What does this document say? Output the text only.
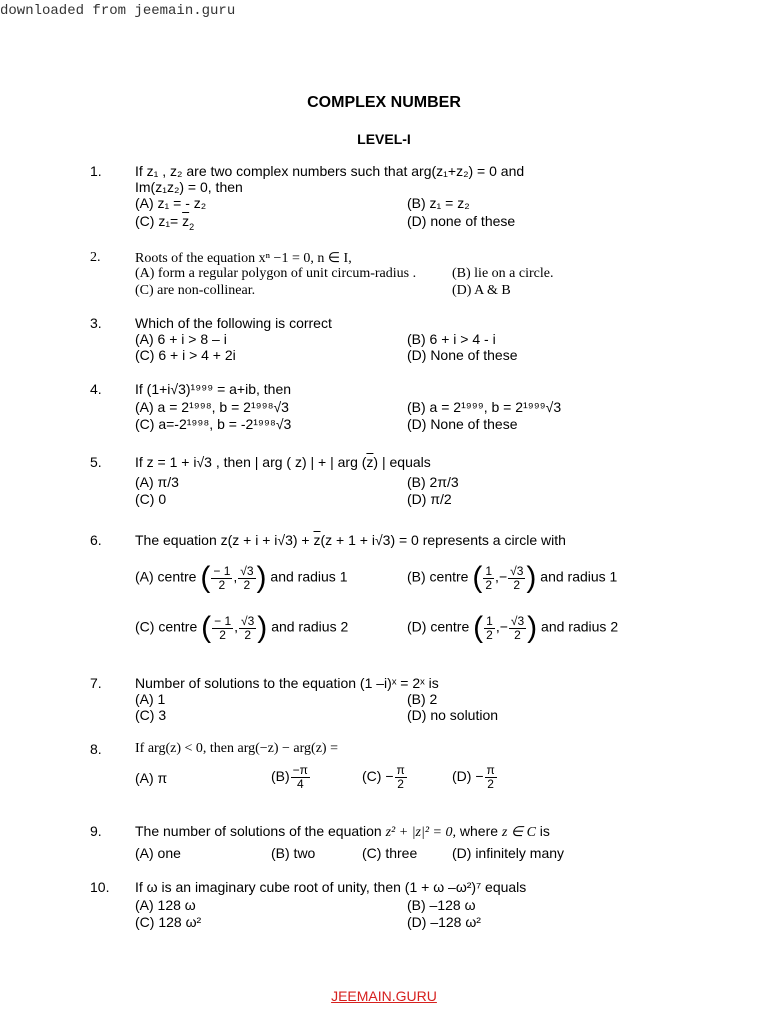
downloaded from jeemain.guru
COMPLEX NUMBER
LEVEL-I
1. If z₁ , z₂ are two complex numbers such that arg(z₁+z₂) = 0 and
Im(z₁z₂) = 0, then
(A) z₁ = - z₂	(B) z₁ = z₂
(C) $z_1= \overline{z}_2$	(D) none of these
2. Roots of the equation xⁿ −1 = 0, n ∈ I,
(A) form a regular polygon of unit circum-radius .	(B) lie on a circle.
(C) are non-collinear.	(D) A & B
3. Which of the following is correct
(A) 6 + i > 8 – i	(B) 6 + i > 4 - i
(C) 6 + i > 4 + 2i	(D) None of these
4. If (1+i√3)¹⁹⁹⁹ = a+ib, then
(A) a = 2¹⁹⁹⁸, b = 2¹⁹⁹⁸√3	(B) a = 2¹⁹⁹⁹, b = 2¹⁹⁹⁹√3
(C) a=-2¹⁹⁹⁸, b = -2¹⁹⁹⁸√3	(D) None of these
5. If z = 1 + i√3 , then | arg ( z) | + | arg $(\overline{z})$ | equals
(A) π/3	(B) 2π/3
(C) 0	(D) π/2
6. The equation $z(z + i + i√3) + \overline{z}(z + 1 + i√3) = 0$ represents a circle with
(A) centre ( $\frac{- 1}{2}$ , $\frac{√3}{2}$ ) and radius 1	(B) centre ( $\frac{1}{2}$ ,− $\frac{√3}{2}$ ) and radius 1
(C) centre ( $\frac{- 1}{2}$ , $\frac{√3}{2}$ ) and radius 2	(D) centre ( $\frac{1}{2}$ ,− $\frac{√3}{2}$ ) and radius 2
7. Number of solutions to the equation (1 –i)ˣ = 2ˣ is
(A) 1	(B) 2
(C) 3	(D) no solution
8. If arg(z) < 0, then arg(−z) − arg(z) =
(A) π	$(B) \frac{-\pi}{4}$	$(C) - \frac{\pi}{2}$	$(D) - \frac{\pi}{2}$
9. The number of solutions of the equation z² + |z|² = 0, where z ∈ C is
(A) one	(B) two	(C) three (D) infinitely many
10. If ω is an imaginary cube root of unity, then (1 + ω –ω²)⁷ equals
(A) 128 ω	(B) –128 ω
(C) 128 ω²	(D) –128 ω²
JEEMAIN.GURU
